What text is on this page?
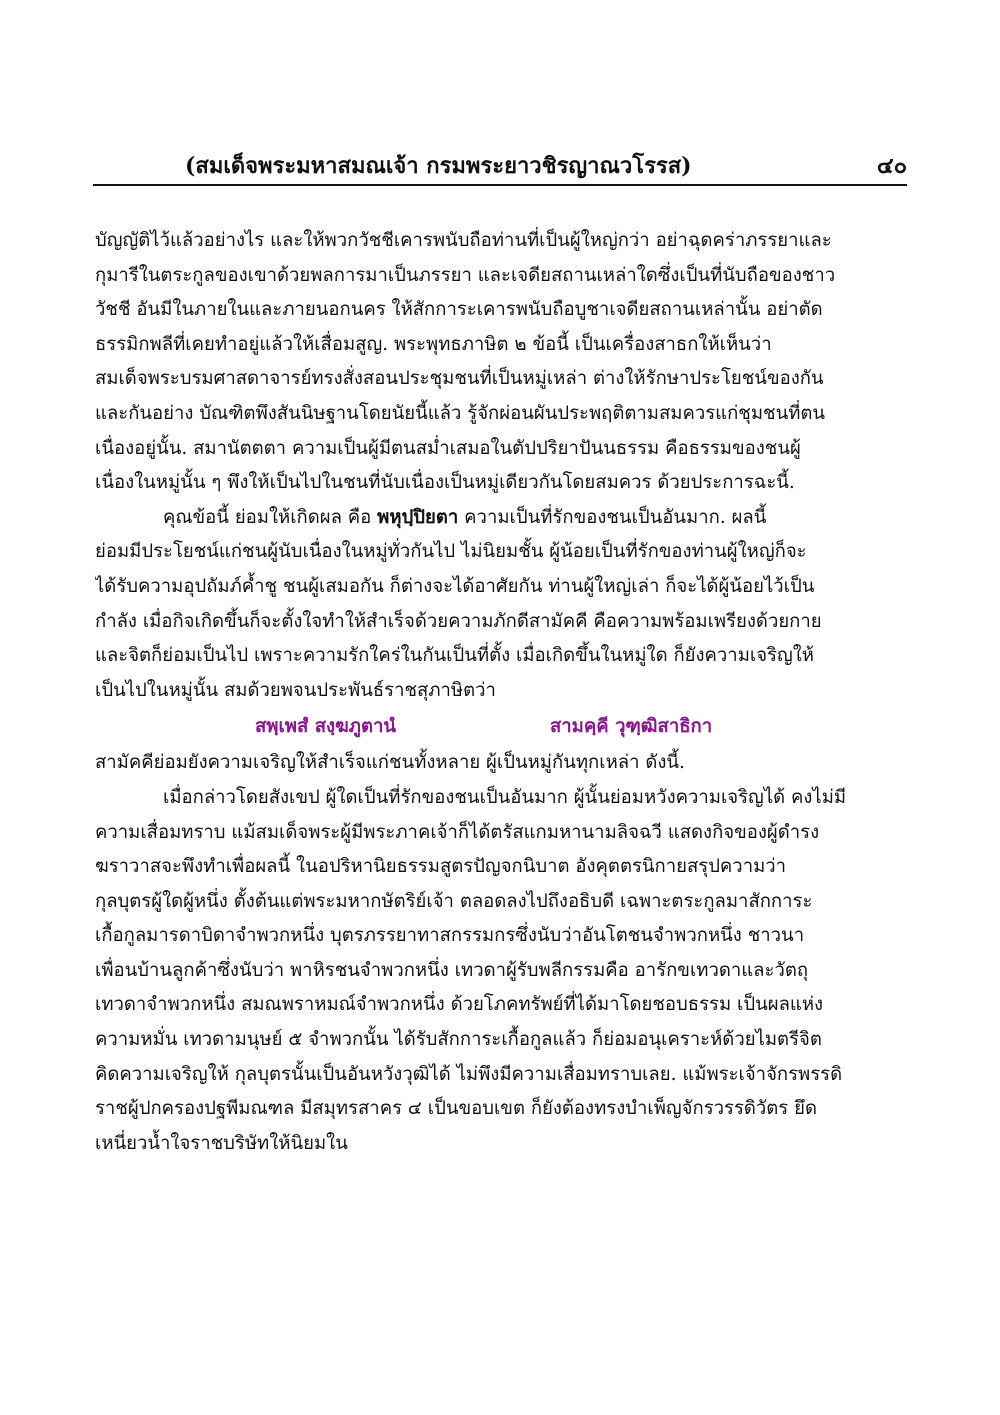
(สมเด็จพระมหาสมณเจ้า กรมพระยาวชิรญาณวโรรส)	๔๐
บัญญัติไว้แล้วอย่างไร และให้พวกวัชชีเคารพนับถือท่านที่เป็นผู้ใหญ่กว่า อย่าฉุดคร่าภรรยาและ
กุมารีในตระกูลของเขาด้วยพลการมาเป็นภรรยา และเจดียสถานเหล่าใดซึ่งเป็นที่นับถือของชาว
วัชชี อันมีในภายในและภายนอกนคร ให้สักการะเคารพนับถือบูชาเจดียสถานเหล่านั้น อย่าตัด
ธรรมิกพลีที่เคยทำอยู่แล้วให้เสื่อมสูญ. พระพุทธภาษิต ๒ ข้อนี้ เป็นเครื่องสาธกให้เห็นว่า
สมเด็จพระบรมศาสดาจารย์ทรงสั่งสอนประชุมชนที่เป็นหมู่เหล่า ต่างให้รักษาประโยชน์ของกัน
และกันอย่าง บัณฑิตพึงสันนิษฐานโดยนัยนี้แล้ว รู้จักผ่อนผันประพฤติตามสมควรแก่ชุมชนที่ตน
เนื่องอยู่นั้น. สมานัตตตา ความเป็นผู้มีตนสม่ำเสมอในตัปปริยาปันนธรรม คือธรรมของชนผู้
เนื่องในหมู่นั้น ๆ พึงให้เป็นไปในชนที่นับเนื่องเป็นหมู่เดียวกันโดยสมควร ด้วยประการฉะนี้.
คุณข้อนี้ ย่อมให้เกิดผล คือ พหุปฺปิยตา ความเป็นที่รักของชนเป็นอันมาก. ผลนี้
ย่อมมีประโยชน์แก่ชนผู้นับเนื่องในหมู่ทั่วกันไป ไม่นิยมชั้น ผู้น้อยเป็นที่รักของท่านผู้ใหญ่ก็จะ
ได้รับความอุปถัมภ์ค้ำชู ชนผู้เสมอกัน ก็ต่างจะได้อาศัยกัน ท่านผู้ใหญ่เล่า ก็จะได้ผู้น้อยไว้เป็น
กำลัง เมื่อกิจเกิดขึ้นก็จะตั้งใจทำให้สำเร็จด้วยความภักดีสามัคคี คือความพร้อมเพรียงด้วยกาย
และจิตก็ย่อมเป็นไป เพราะความรักใคร่ในกันเป็นที่ตั้ง เมื่อเกิดขึ้นในหมู่ใด ก็ยังความเจริญให้
เป็นไปในหมู่นั้น สมด้วยพจนประพันธ์ราชสุภาษิตว่า
สพฺเพสํ สงฺฆภูตานํ	สามคฺคี วุฑฺฒิสาธิกา
สามัคคีย่อมยังความเจริญให้สำเร็จแก่ชนทั้งหลาย ผู้เป็นหมู่กันทุกเหล่า ดังนี้.
เมื่อกล่าวโดยสังเขป ผู้ใดเป็นที่รักของชนเป็นอันมาก ผู้นั้นย่อมหวังความเจริญได้ คงไม่มี
ความเสื่อมทราบ แม้สมเด็จพระผู้มีพระภาคเจ้าก็ได้ตรัสแกมหานามลิจฉวี แสดงกิจของผู้ดำรง
ฆราวาสจะพึงทำเพื่อผลนี้ ในอปริหานิยธรรมสูตรปัญจกนิบาต อังคุตตรนิกายสรุปความว่า
กุลบุตรผู้ใดผู้หนึ่ง ตั้งต้นแต่พระมหากษัตริย์เจ้า ตลอดลงไปถึงอธิบดี เฉพาะตระกูลมาสักการะ
เกื้อกูลมารดาบิดาจำพวกหนึ่ง บุตรภรรยาทาสกรรมกรซึ่งนับว่าอันโตชนจำพวกหนึ่ง ชาวนา
เพื่อนบ้านลูกค้าซึ่งนับว่า พาหิรชนจำพวกหนึ่ง เทวดาผู้รับพลีกรรมคือ อารักขเทวดาและวัตถุ
เทวดาจำพวกหนึ่ง สมณพราหมณ์จำพวกหนึ่ง ด้วยโภคทรัพย์ที่ได้มาโดยชอบธรรม เป็นผลแห่ง
ความหมั่น เทวดามนุษย์ ๕ จำพวกนั้น ได้รับสักการะเกื้อกูลแล้ว ก็ย่อมอนุเคราะห์ด้วยไมตรีจิต
คิดความเจริญให้ กุลบุตรนั้นเป็นอันหวังวุฒิได้ ไม่พึงมีความเสื่อมทราบเลย. แม้พระเจ้าจักรพรรดิ
ราชผู้ปกครองปฐพีมณฑล มีสมุทรสาคร ๔ เป็นขอบเขต ก็ยังต้องทรงบำเพ็ญจักรวรรดิวัตร ยึด
เหนี่ยวน้ำใจราชบริษัทให้นิยมใน
